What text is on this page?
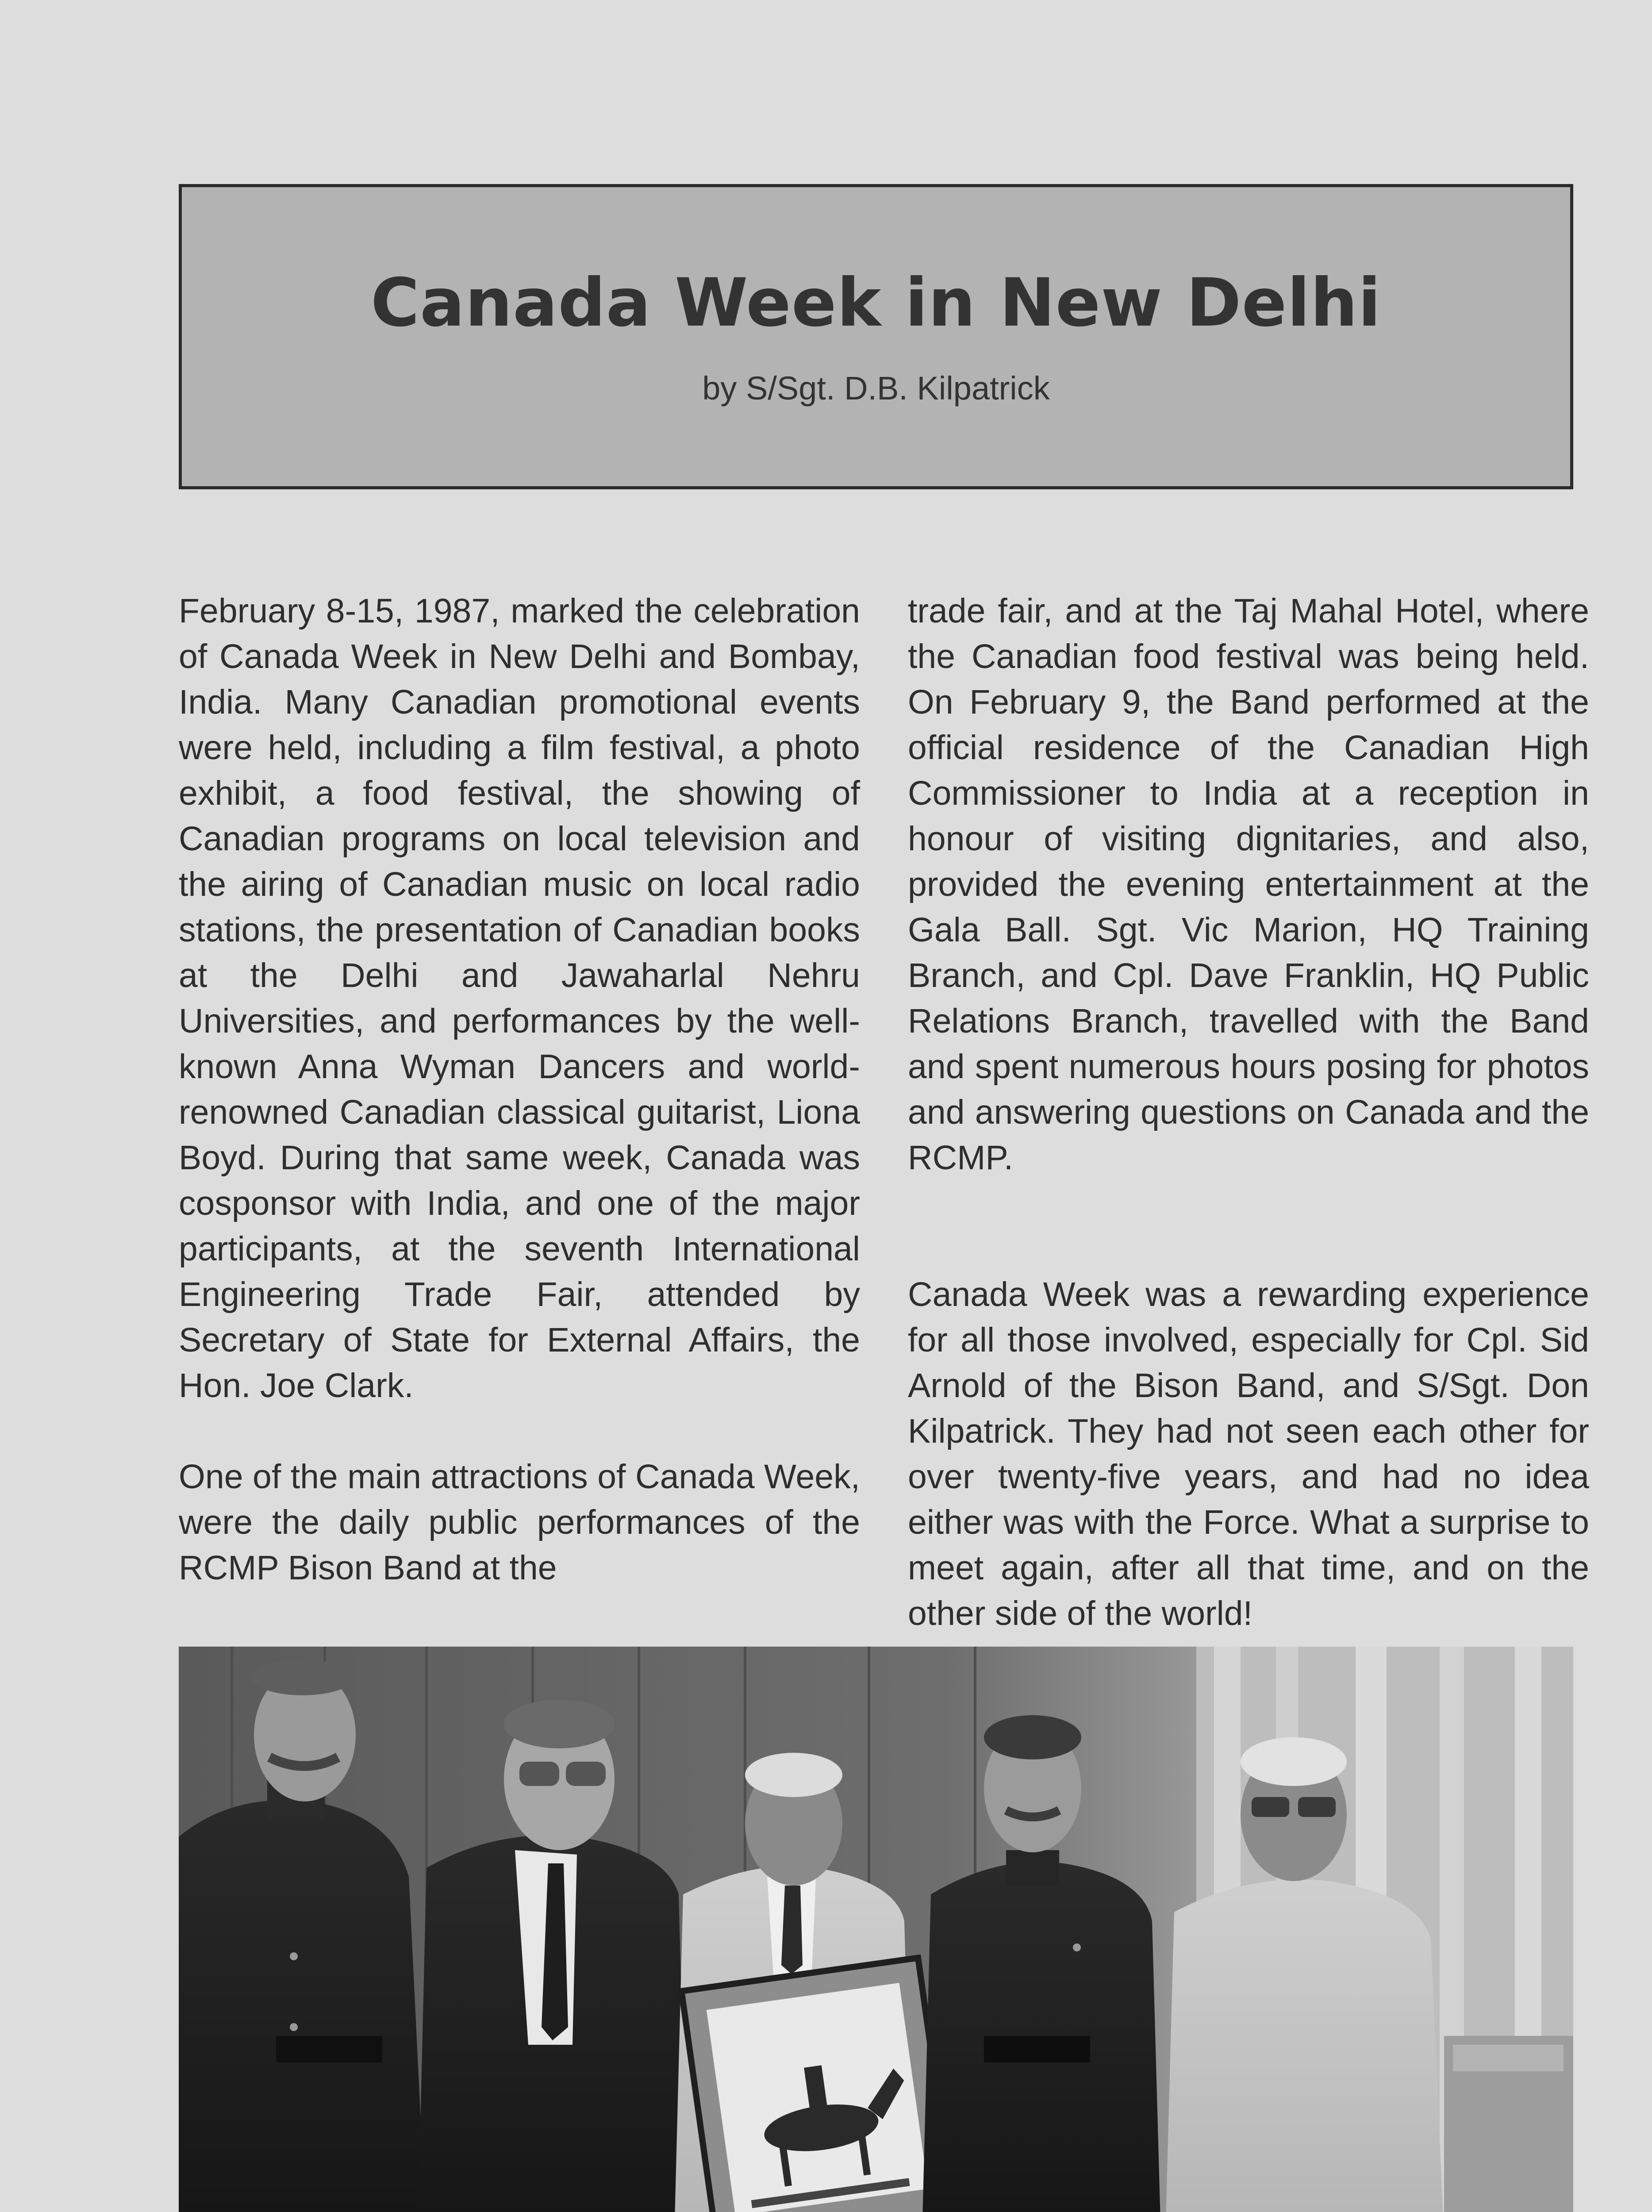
Canada Week in New Delhi
by S/Sgt. D.B. Kilpatrick

February 8-15, 1987, marked the celebration of Canada Week in New Delhi and Bombay, India. Many Canadian promotional events were held, including a film festival, a photo exhibit, a food festival, the showing of Canadian programs on local television and the airing of Canadian music on local radio stations, the presentation of Canadian books at the Delhi and Jawaharlal Nehru Universities, and performances by the well-known Anna Wyman Dancers and world-renowned Canadian classical guitarist, Liona Boyd. During that same week, Canada was cosponsor with India, and one of the major participants, at the seventh International Engineering Trade Fair, attended by Secretary of State for External Affairs, the Hon. Joe Clark.

One of the main attractions of Canada Week, were the daily public performances of the RCMP Bison Band at the

trade fair, and at the Taj Mahal Hotel, where the Canadian food festival was being held. On February 9, the Band performed at the official residence of the Canadian High Commissioner to India at a reception in honour of visiting dignitaries, and also, provided the evening entertainment at the Gala Ball. Sgt. Vic Marion, HQ Training Branch, and Cpl. Dave Franklin, HQ Public Relations Branch, travelled with the Band and spent numerous hours posing for photos and answering questions on Canada and the RCMP.

Canada Week was a rewarding experience for all those involved, especially for Cpl. Sid Arnold of the Bison Band, and S/Sgt. Don Kilpatrick. They had not seen each other for over twenty-five years, and had no idea either was with the Force. What a surprise to meet again, after all that time, and on the other side of the world!
